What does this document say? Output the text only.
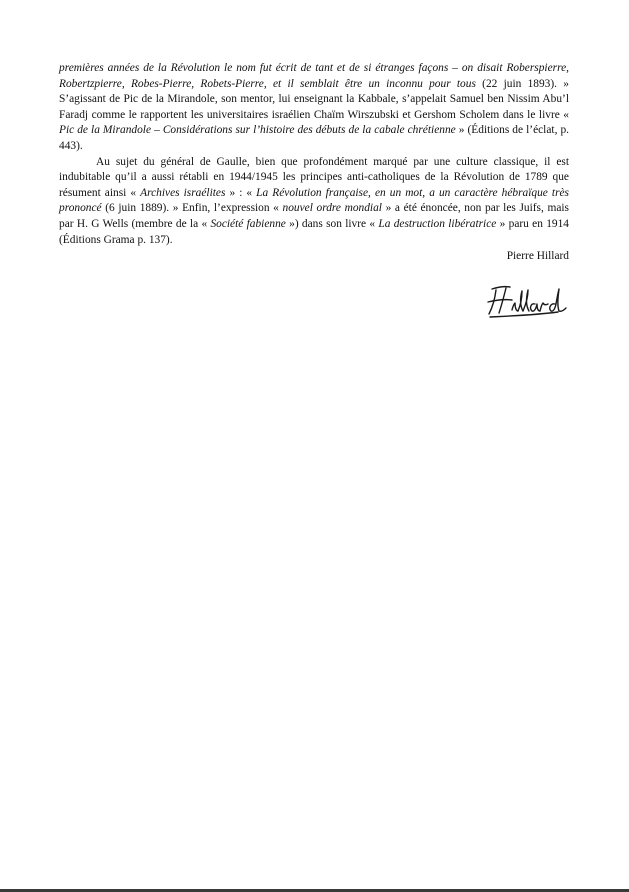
premières années de la Révolution le nom fut écrit de tant et de si étranges façons – on disait Roberspierre, Robertzpierre, Robes-Pierre, Robets-Pierre, et il semblait être un inconnu pour tous (22 juin 1893). » S’agissant de Pic de la Mirandole, son mentor, lui enseignant la Kabbale, s’appelait Samuel ben Nissim Abu’l Faradj comme le rapportent les universitaires israélien Chaïm Wirszubski et Gershom Scholem dans le livre « Pic de la Mirandole – Considérations sur l’histoire des débuts de la cabale chrétienne » (Éditions de l’éclat, p. 443).

Au sujet du général de Gaulle, bien que profondément marqué par une culture classique, il est indubitable qu’il a aussi rétabli en 1944/1945 les principes anti-catholiques de la Révolution de 1789 que résument ainsi « Archives israélites » : « La Révolution française, en un mot, a un caractère hébraïque très prononcé (6 juin 1889). » Enfin, l’expression « nouvel ordre mondial » a été énoncée, non par les Juifs, mais par H. G Wells (membre de la « Société fabienne ») dans son livre « La destruction libératrice » paru en 1914 (Éditions Grama p. 137).

Pierre Hillard
